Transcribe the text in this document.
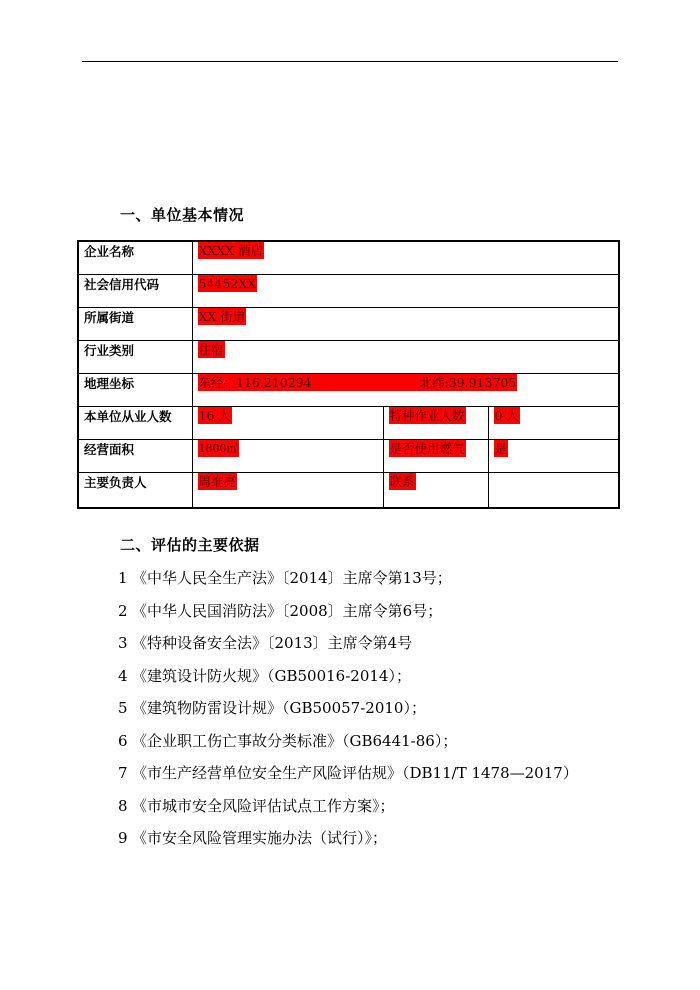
一、单位基本情况
企业名称	XXXX 酒店		
社会信用代码	54452XX		
所属街道	XX 街道		
行业类别	住宿		
地理坐标	东经：116.210294 北纬:39.913705		

本单位从业人数	16 人	特种作业人数	0 人
经营面积	1800㎡	是否使用燃气	是
主要负责人	周维亮	联系	
二、评估的主要依据
1 《中华人民全生产法》〔2014〕主席令第13号；
2 《中华人民国消防法》〔2008〕主席令第6号；
3 《特种设备安全法》〔2013〕主席令第4号
4 《建筑设计防火规》（GB50016-2014）；
5 《建筑物防雷设计规》（GB50057-2010）；
6 《企业职工伤亡事故分类标准》（GB6441-86）；
7 《市生产经营单位安全生产风险评估规》（DB11/T 1478—2017）
8 《市城市安全风险评估试点工作方案》；
9 《市安全风险管理实施办法（试行）》；
